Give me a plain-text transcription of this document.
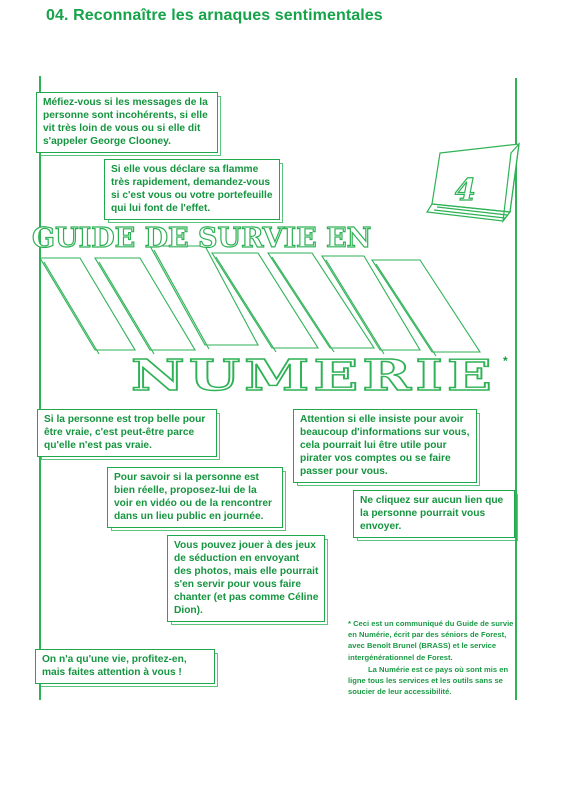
04. Reconnaître les arnaques sentimentales
GUIDE DE SURVIE EN
NUMERIE
4
*
Méfiez-vous si les messages de la personne sont incohérents, si elle vit très loin de vous ou si elle dit s'appeler George Clooney.
Si elle vous déclare sa flamme très rapidement, demandez-vous si c'est vous ou votre portefeuille qui lui font de l'effet.
Si la personne est trop belle pour être vraie, c'est peut-être parce qu'elle n'est pas vraie.
Attention si elle insiste pour avoir beaucoup d'informations sur vous, cela pourrait lui être utile pour pirater vos comptes ou se faire passer pour vous.
Pour savoir si la personne est bien réelle, proposez-lui de la voir en vidéo ou de la rencontrer dans un lieu public en journée.
Ne cliquez sur aucun lien que la personne pourrait vous envoyer.
Vous pouvez jouer à des jeux de séduction en envoyant des photos, mais elle pourrait s'en servir pour vous faire chanter (et pas comme Céline Dion).
On n'a qu'une vie, profitez-en, mais faites attention à vous !
* Ceci est un communiqué du Guide de survie en Numérie, écrit par des séniors de Forest, avec Benoît Brunel (BRASS) et le service intergénérationnel de Forest.
La Numérie est ce pays où sont mis en ligne tous les services et les outils sans se soucier de leur accessibilité.
